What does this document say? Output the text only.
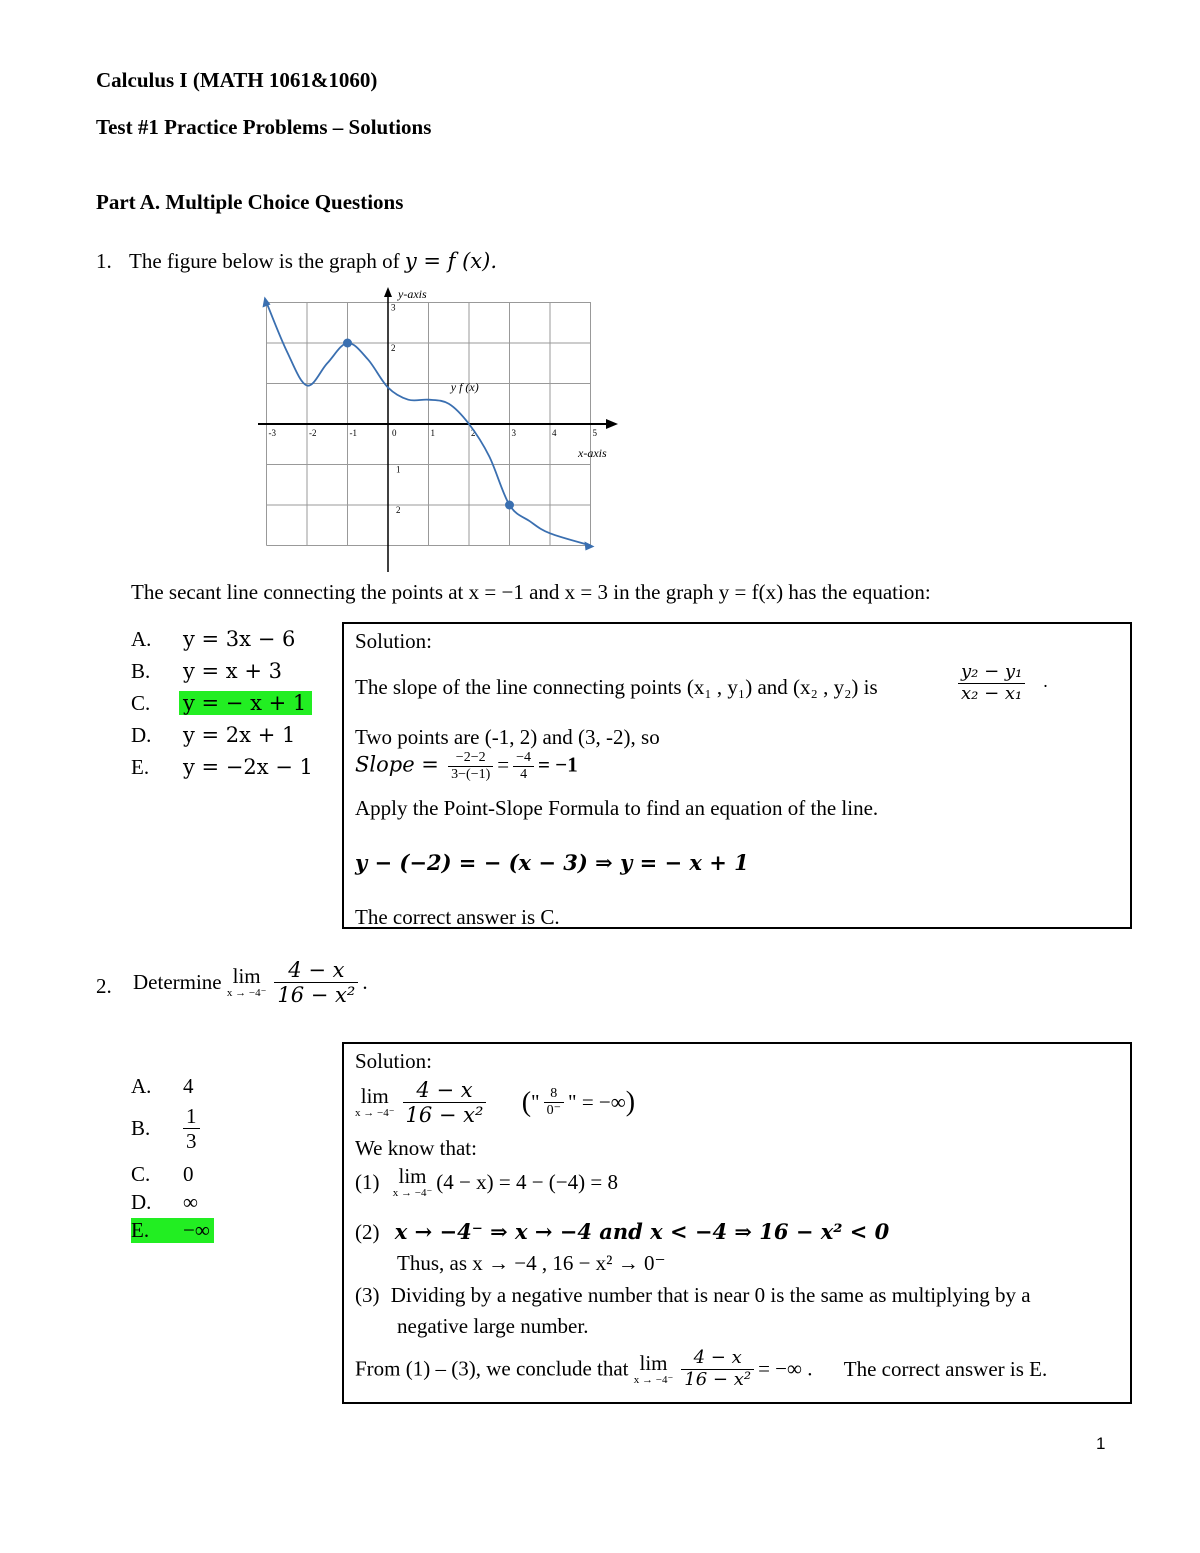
Calculus I (MATH 1061&1060)
Test #1 Practice Problems – Solutions
Part A. Multiple Choice Questions
1. The figure below is the graph of y = f (x).
y-axis
x-axis
-3	-2	-1	0	1	2	3	4	5
3
2
1
2
y f (x)
The secant line connecting the points at x = −1 and x = 3 in the graph y = f(x) has the equation:
A. y = 3x − 6
B. y = x + 3
C. y = − x + 1
D. y = 2x + 1
E. y = −2x − 1
Solution:
The slope of the line connecting points (x₁ , y₁) and (x₂ , y₂) is	$\frac{\text{y₂ − y₁}}{\text{x₂ − x₁}}$ .
Two points are (-1, 2) and (3, -2), so
Slope = $\frac{-2-2}{3-(-1)} = \frac{-4}{4} = -1$
Apply the Point-Slope Formula to find an equation of the line.
y − (−2) = − (x − 3) ⇒ y = − x + 1
The correct answer is C.
2. Determine lim
$x \to -4^- \frac{4 - x}{\text{16 − x²}}$ .
A. 4
B. $\frac{1}{3}$
C. 0
D. ∞
E. −∞
Solution:
lim
$x \to -4^- \frac{4 - x}{\text{16 − x²}}$ (" $\frac{8}{0^-}$ " = −∞)
We know that:
(1) lim
x → −4⁻ (4 − x) = 4 − (−4) = 8
(2) x → −4⁻ ⇒ x → −4 and x < −4 ⇒ 16 − x² < 0
Thus, as x → −4 , 16 − x² → 0⁻
(3) Dividing by a negative number that is near 0 is the same as multiplying by a
negative large number.
From (1) – (3), we conclude that lim
$x \to -4^- \frac{4 - x}{\text{16 − x²}}$ = −∞ . The correct answer is E.
1
